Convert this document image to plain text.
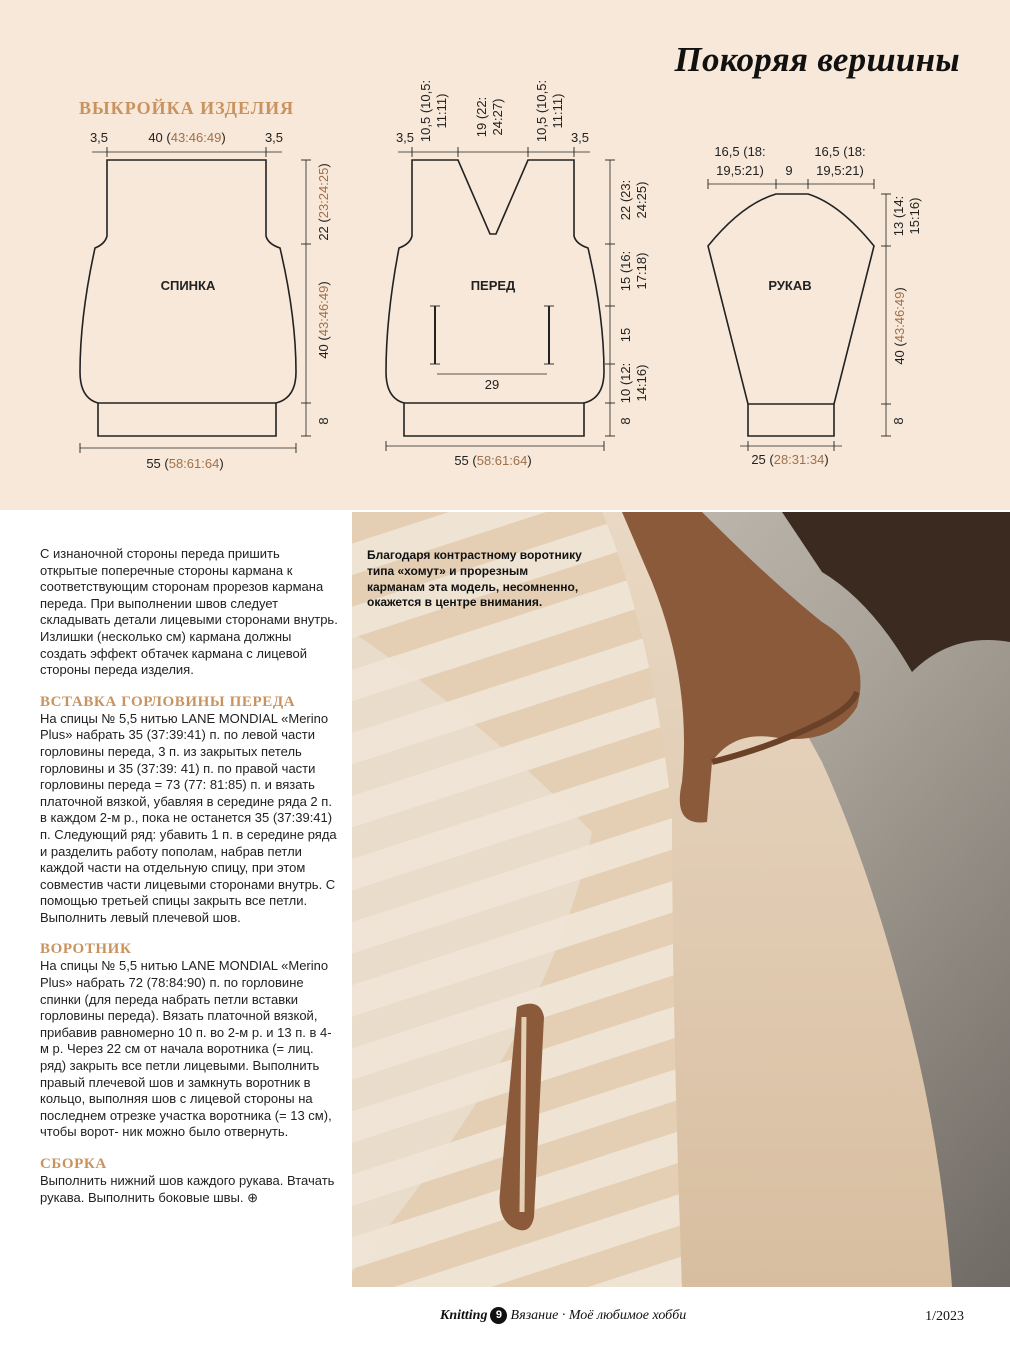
Покоряя вершины
ВЫКРОЙКА ИЗДЕЛИЯ
СПИНКА
3,5	40 (43:46:49)	3,5
22 (23:24:25)
40 (43:46:49)
8
55 (58:61:64)
ПЕРЕД
29
3,5	3,5
10,5 (10,5:11:11) 19 (22:24:27) 10,5 (10,5:11:11)
22 (23:24:25)
15 (16:17:18)
15
10 (12:14:16)
8
55 (58:61:64)
РУКАВ
16,5 (18: 19,5:21) 9
16,5 (18: 19,5:21)
13 (14:15:16)
40 (43:46:49)
8
25 (28:31:34)

С изнаночной стороны переда пришить открытые поперечные стороны кармана к соответствующим сторонам прорезов кармана переда. При выполнении швов следует складывать детали лицевыми сторонами внутрь. Излишки (несколько см) кармана должны создать эффект обтачек кармана с лицевой стороны переда изделия.

ВСТАВКА ГОРЛОВИНЫ ПЕРЕДА

На спицы № 5,5 нитью LANE MONDIAL «Merino Plus» набрать 35 (37:39:41) п. по левой части горловины переда, 3 п. из закрытых петель горловины и 35 (37:39: 41) п. по правой части горловины переда = 73 (77: 81:85) п. и вязать платочной вязкой, убавляя в середине ряда 2 п. в каждом 2-м р., пока не останется 35 (37:39:41) п. Следующий ряд: убавить 1 п. в середине ряда и разделить работу пополам, набрав петли каждой части на отдельную спицу, при этом совместив части лицевыми сторонами внутрь. С помощью третьей спицы закрыть все петли. Выполнить левый плечевой шов.

ВОРОТНИК

На спицы № 5,5 нитью LANE MONDIAL «Merino Plus» набрать 72 (78:84:90) п. по горловине спинки (для переда набрать петли вставки горловины переда). Вязать платочной вязкой, прибавив равномерно 10 п. во 2-м р. и 13 п. в 4-м р. Через 22 см от начала воротника (= лиц. ряд) закрыть все петли лицевыми. Выполнить правый плечевой шов и замкнуть воротник в кольцо, выполняя шов с лицевой стороны на последнем отрезке участка воротника (= 13 см), чтобы ворот- ник можно было отвернуть.

СБОРКА

Выполнить нижний шов каждого рукава. Втачать рукава. Выполнить боковые швы. ⊕

Благодаря контрастному воротнику типа «хомут» и прорезным карманам эта модель, несомненно, окажется в центре внимания.

Knitting 9 Вязание · Моё любимое хобби	1/2023
